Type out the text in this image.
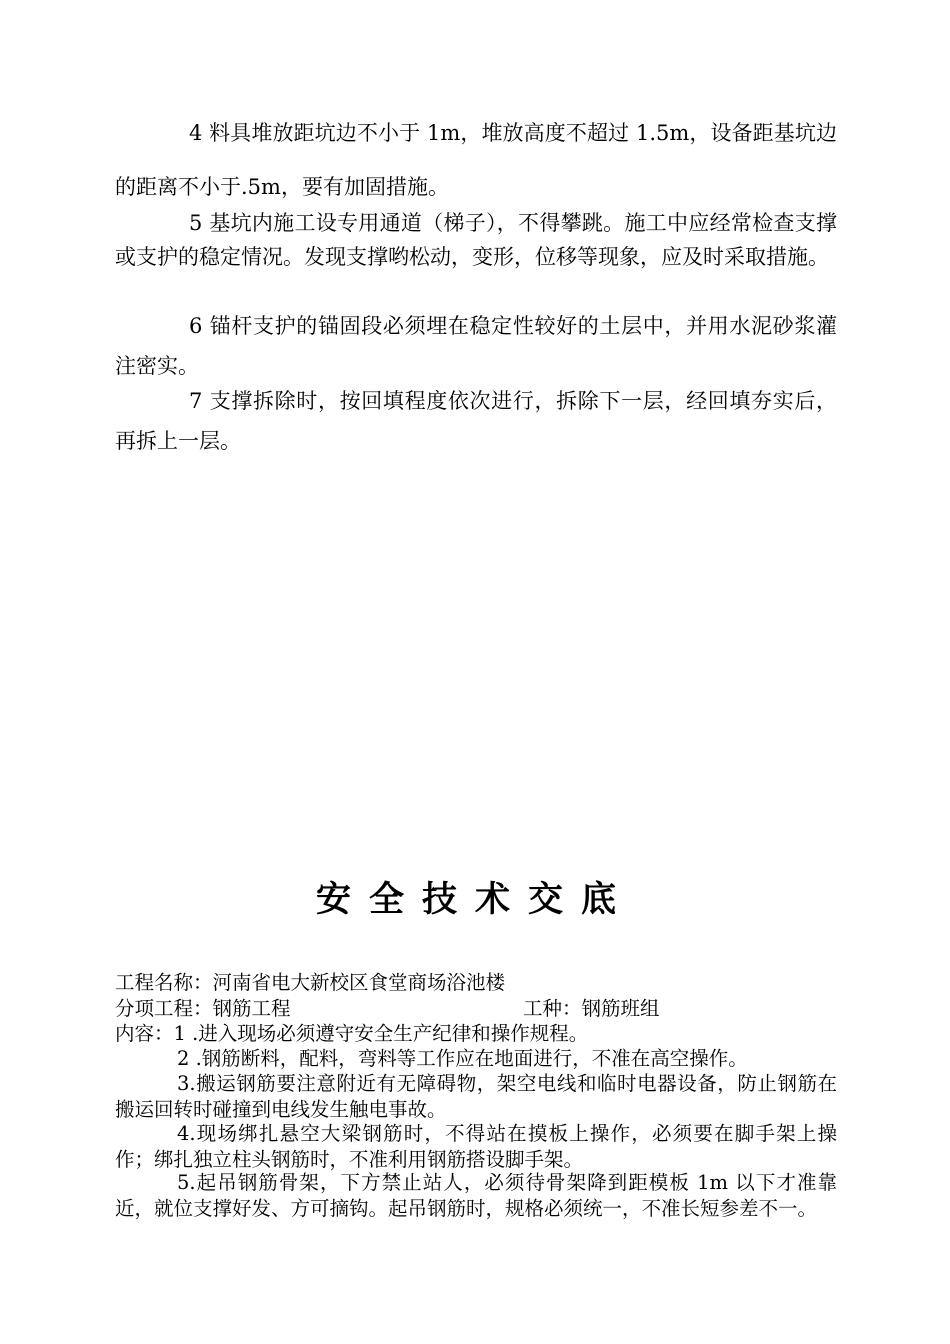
4 料具堆放距坑边不小于 1m，堆放高度不超过 1.5m，设备距基坑边的距离不小于.5m，要有加固措施。

5 基坑内施工设专用通道（梯子），不得攀跳。施工中应经常检查支撑或支护的稳定情况。发现支撑哟松动，变形，位移等现象，应及时采取措施。

6 锚杆支护的锚固段必须埋在稳定性较好的土层中，并用水泥砂浆灌注密实。

7 支撑拆除时，按回填程度依次进行，拆除下一层，经回填夯实后，再拆上一层。

安全技术交底
工程名称：河南省电大新校区食堂商场浴池楼
分项工程：钢筋工程	工种：钢筋班组
内容：1 .进入现场必须遵守安全生产纪律和操作规程。

2 .钢筋断料，配料，弯料等工作应在地面进行，不准在高空操作。

3.搬运钢筋要注意附近有无障碍物，架空电线和临时电器设备，防止钢筋在搬运回转时碰撞到电线发生触电事故。

4.现场绑扎悬空大梁钢筋时，不得站在摸板上操作，必须要在脚手架上操作；绑扎独立柱头钢筋时，不准利用钢筋搭设脚手架。

5.起吊钢筋骨架，下方禁止站人，必须待骨架降到距模板 1m 以下才准靠近，就位支撑好发、方可摘钩。起吊钢筋时，规格必须统一，不准长短参差不一。
